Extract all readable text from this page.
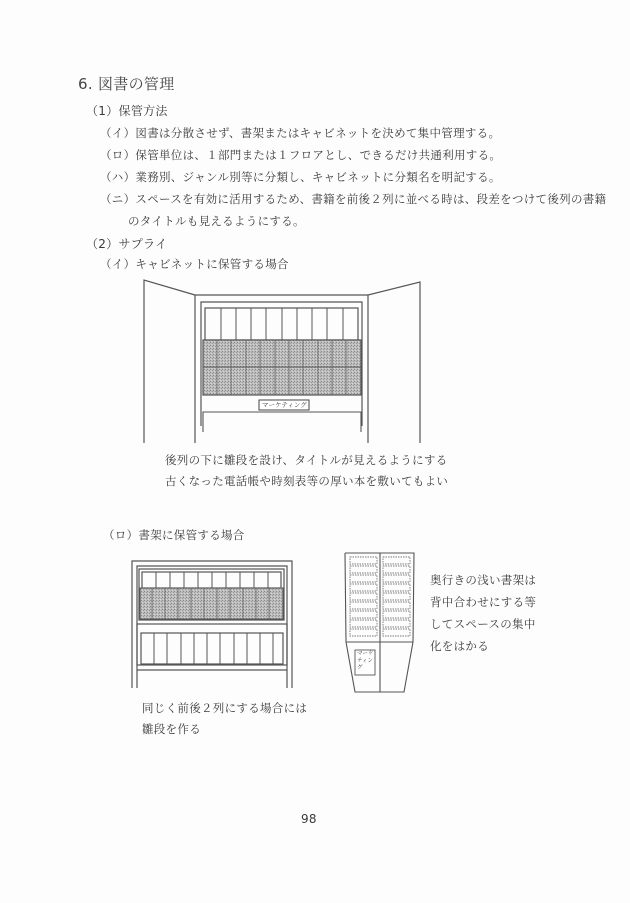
6. 図書の管理
（1）保管方法
（イ）図書は分散させず、書架またはキャビネットを決めて集中管理する。
（ロ）保管単位は、１部門または１フロアとし、できるだけ共通利用する。
（ハ）業務別、ジャンル別等に分類し、キャビネットに分類名を明記する。
（ニ）スペースを有効に活用するため、書籍を前後２列に並べる時は、段差をつけて後列の書籍
のタイトルも見えるようにする。
（2）サプライ
（イ）キャビネットに保管する場合
マーケティング
後列の下に雛段を設け、タイトルが見えるようにする
古くなった電話帳や時刻表等の厚い本を敷いてもよい
（ロ）書架に保管する場合
マーケ
ティン
グ
奥行きの浅い書架は
背中合わせにする等
してスペースの集中
化をはかる
同じく前後２列にする場合には
雛段を作る
98
